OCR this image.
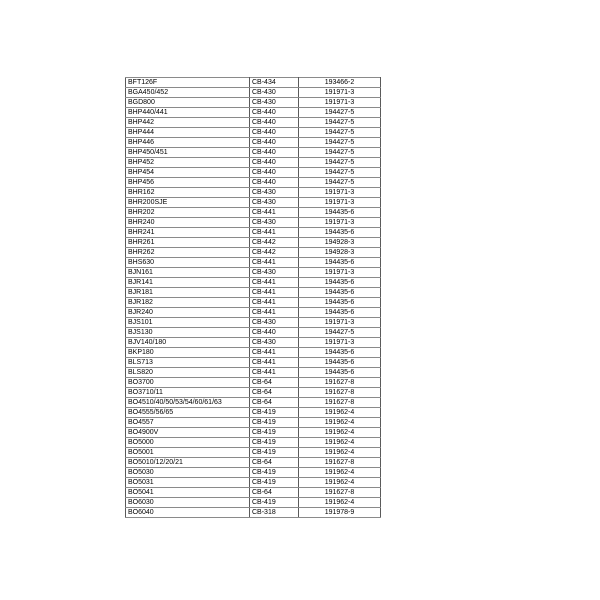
BFT126F	CB-434	193466-2
BGA450/452	CB-430	191971-3
BGD800	CB-430	191971-3
BHP440/441	CB-440	194427-5
BHP442	CB-440	194427-5
BHP444	CB-440	194427-5
BHP446	CB-440	194427-5
BHP450/451	CB-440	194427-5
BHP452	CB-440	194427-5
BHP454	CB-440	194427-5
BHP456	CB-440	194427-5
BHR162	CB-430	191971-3
BHR200SJE	CB-430	191971-3
BHR202	CB-441	194435-6
BHR240	CB-430	191971-3
BHR241	CB-441	194435-6
BHR261	CB-442	194928-3
BHR262	CB-442	194928-3
BHS630	CB-441	194435-6
BJN161	CB-430	191971-3
BJR141	CB-441	194435-6
BJR181	CB-441	194435-6
BJR182	CB-441	194435-6
BJR240	CB-441	194435-6
BJS101	CB-430	191971-3
BJS130	CB-440	194427-5
BJV140/180	CB-430	191971-3
BKP180	CB-441	194435-6
BLS713	CB-441	194435-6
BLS820	CB-441	194435-6
BO3700	CB-64	191627-8
BO3710/11	CB-64	191627-8
BO4510/40/50/53/54/60/61/63	CB-64	191627-8
BO4555/56/65	CB-419	191962-4
BO4557	CB-419	191962-4
BO4900V	CB-419	191962-4
BO5000	CB-419	191962-4
BO5001	CB-419	191962-4
BO5010/12/20/21	CB-64	191627-8
BO5030	CB-419	191962-4
BO5031	CB-419	191962-4
BO5041	CB-64	191627-8
BO6030	CB-419	191962-4
BO6040	CB-318	191978-9
